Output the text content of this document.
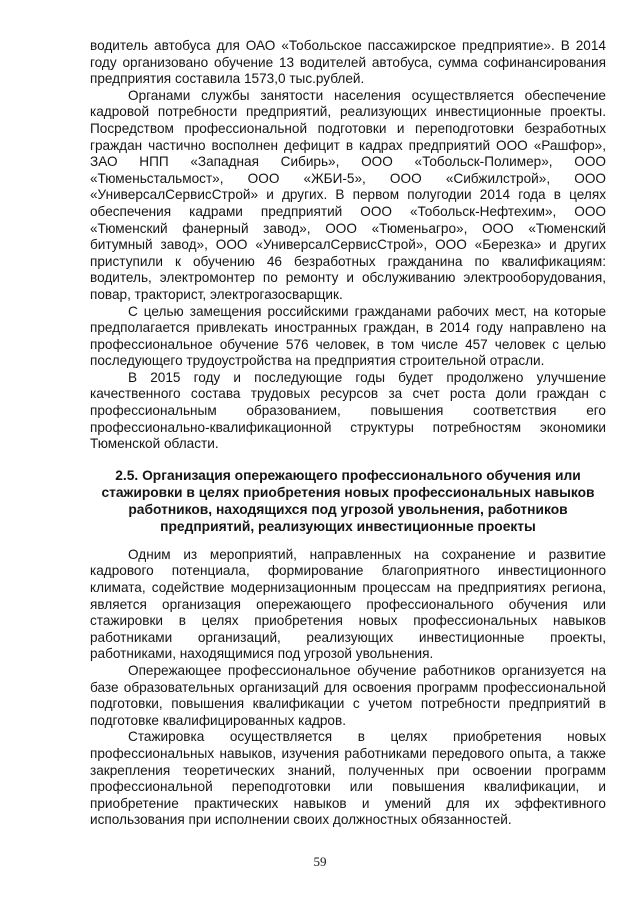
водитель автобуса для ОАО «Тобольское пассажирское предприятие». В 2014 году организовано обучение 13 водителей автобуса, сумма софинансирования предприятия составила 1573,0 тыс.рублей.

Органами службы занятости населения осуществляется обеспечение кадровой потребности предприятий, реализующих инвестиционные проекты. Посредством профессиональной подготовки и переподготовки безработных граждан частично восполнен дефицит в кадрах предприятий ООО «Рашфор», ЗАО НПП «Западная Сибирь», ООО «Тобольск-Полимер», ООО «Тюменьстальмост», ООО «ЖБИ-5», ООО «Сибжилстрой», ООО «УниверсалСервисСтрой» и других. В первом полугодии 2014 года в целях обеспечения кадрами предприятий ООО «Тобольск-Нефтехим», ООО «Тюменский фанерный завод», ООО «Тюменьагро», ООО «Тюменский битумный завод», ООО «УниверсалСервисСтрой», ООО «Березка» и других приступили к обучению 46 безработных гражданина по квалификациям: водитель, электромонтер по ремонту и обслуживанию электрооборудования, повар, тракторист, электрогазосварщик.

С целью замещения российскими гражданами рабочих мест, на которые предполагается привлекать иностранных граждан, в 2014 году направлено на профессиональное обучение 576 человек, в том числе 457 человек с целью последующего трудоустройства на предприятия строительной отрасли.

В 2015 году и последующие годы будет продолжено улучшение качественного состава трудовых ресурсов за счет роста доли граждан с профессиональным образованием, повышения соответствия его профессионально-квалификационной структуры потребностям экономики Тюменской области.

2.5. Организация опережающего профессионального обучения или стажировки в целях приобретения новых профессиональных навыков работников, находящихся под угрозой увольнения, работников предприятий, реализующих инвестиционные проекты

Одним из мероприятий, направленных на сохранение и развитие кадрового потенциала, формирование благоприятного инвестиционного климата, содействие модернизационным процессам на предприятиях региона, является организация опережающего профессионального обучения или стажировки в целях приобретения новых профессиональных навыков работниками организаций, реализующих инвестиционные проекты, работниками, находящимися под угрозой увольнения.

Опережающее профессиональное обучение работников организуется на базе образовательных организаций для освоения программ профессиональной подготовки, повышения квалификации с учетом потребности предприятий в подготовке квалифицированных кадров.

Стажировка осуществляется в целях приобретения новых профессиональных навыков, изучения работниками передового опыта, а также закрепления теоретических знаний, полученных при освоении программ профессиональной переподготовки или повышения квалификации, и приобретение практических навыков и умений для их эффективного использования при исполнении своих должностных обязанностей.

59
